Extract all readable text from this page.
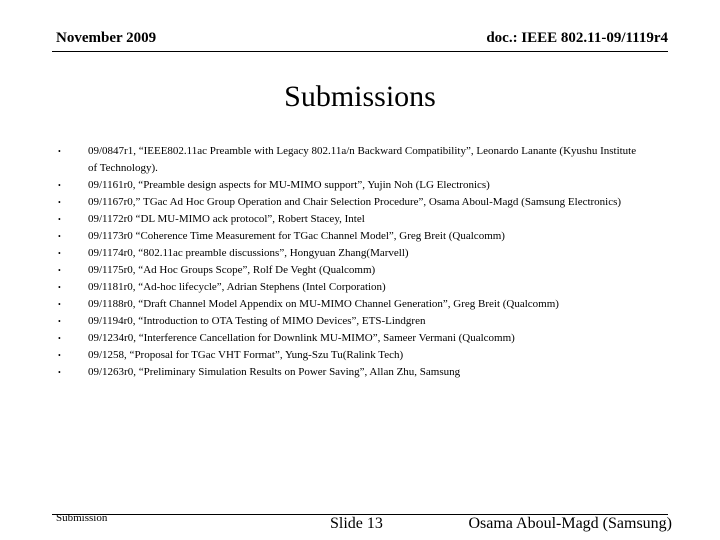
November 2009	doc.: IEEE 802.11-09/1119r4
Submissions
•	09/0847r1, “IEEE802.11ac Preamble with Legacy 802.11a/n Backward Compatibility”, Leonardo Lanante (Kyushu Institute of Technology).
•	09/1161r0, “Preamble design aspects for MU-MIMO support”, Yujin Noh (LG Electronics)
•	09/1167r0,” TGac Ad Hoc Group Operation and Chair Selection Procedure”, Osama Aboul-Magd (Samsung Electronics)
•	09/1172r0 “DL MU-MIMO ack protocol”, Robert Stacey, Intel
•	09/1173r0 “Coherence Time Measurement for TGac Channel Model”, Greg Breit (Qualcomm)
•	09/1174r0, “802.11ac preamble discussions”, Hongyuan Zhang(Marvell)
•	09/1175r0, “Ad Hoc Groups Scope”, Rolf De Veght (Qualcomm)
•	09/1181r0, “Ad-hoc lifecycle”, Adrian Stephens (Intel Corporation)
•	09/1188r0, “Draft Channel Model Appendix on MU-MIMO Channel Generation”, Greg Breit (Qualcomm)
•	09/1194r0, “Introduction to OTA Testing of MIMO Devices”, ETS-Lindgren
•	09/1234r0, “Interference Cancellation for Downlink MU-MIMO”, Sameer Vermani (Qualcomm)
•	09/1258, “Proposal for TGac VHT Format”, Yung-Szu Tu(Ralink Tech)
•	09/1263r0, “Preliminary Simulation Results on Power Saving”, Allan Zhu, Samsung
Submission	Slide 13	Osama Aboul-Magd (Samsung)
